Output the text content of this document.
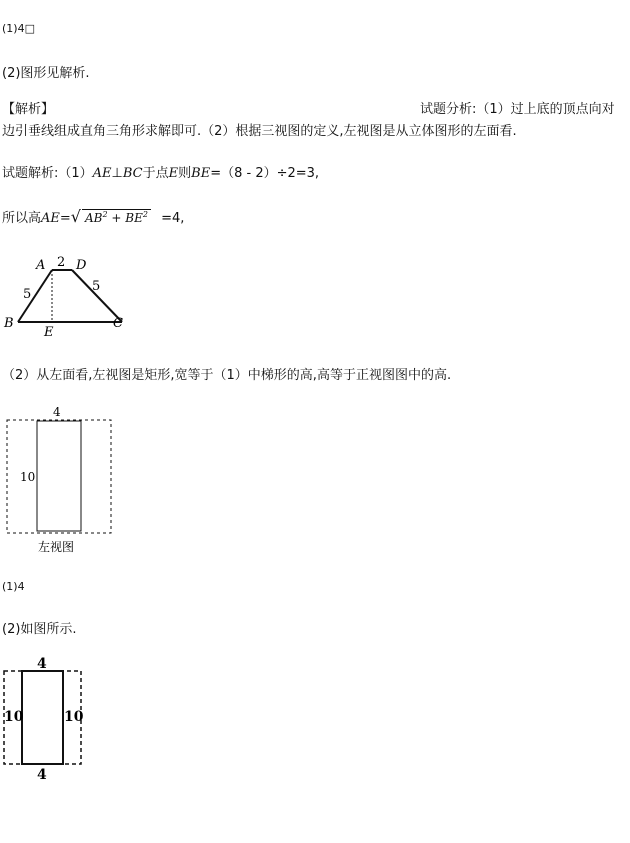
(1)4□
(2)图形见解析.
【解析】	试题分析:（1）过上底的顶点向对
边引垂线组成直角三角形求解即可.（2）根据三视图的定义,左视图是从立体图形的左面看.
试题解析:（1）AE⊥BC于点E则BE=（8 - 2）÷2=3,
所以高AE=√ $AB^2 + BE^2 =4$,
A 2 D
5
5
B
E
C
（2）从左面看,左视图是矩形,宽等于（1）中梯形的高,高等于正视图图中的高.
4
10
左视图
(1)4
(2)如图所示.
4
10	10
4
